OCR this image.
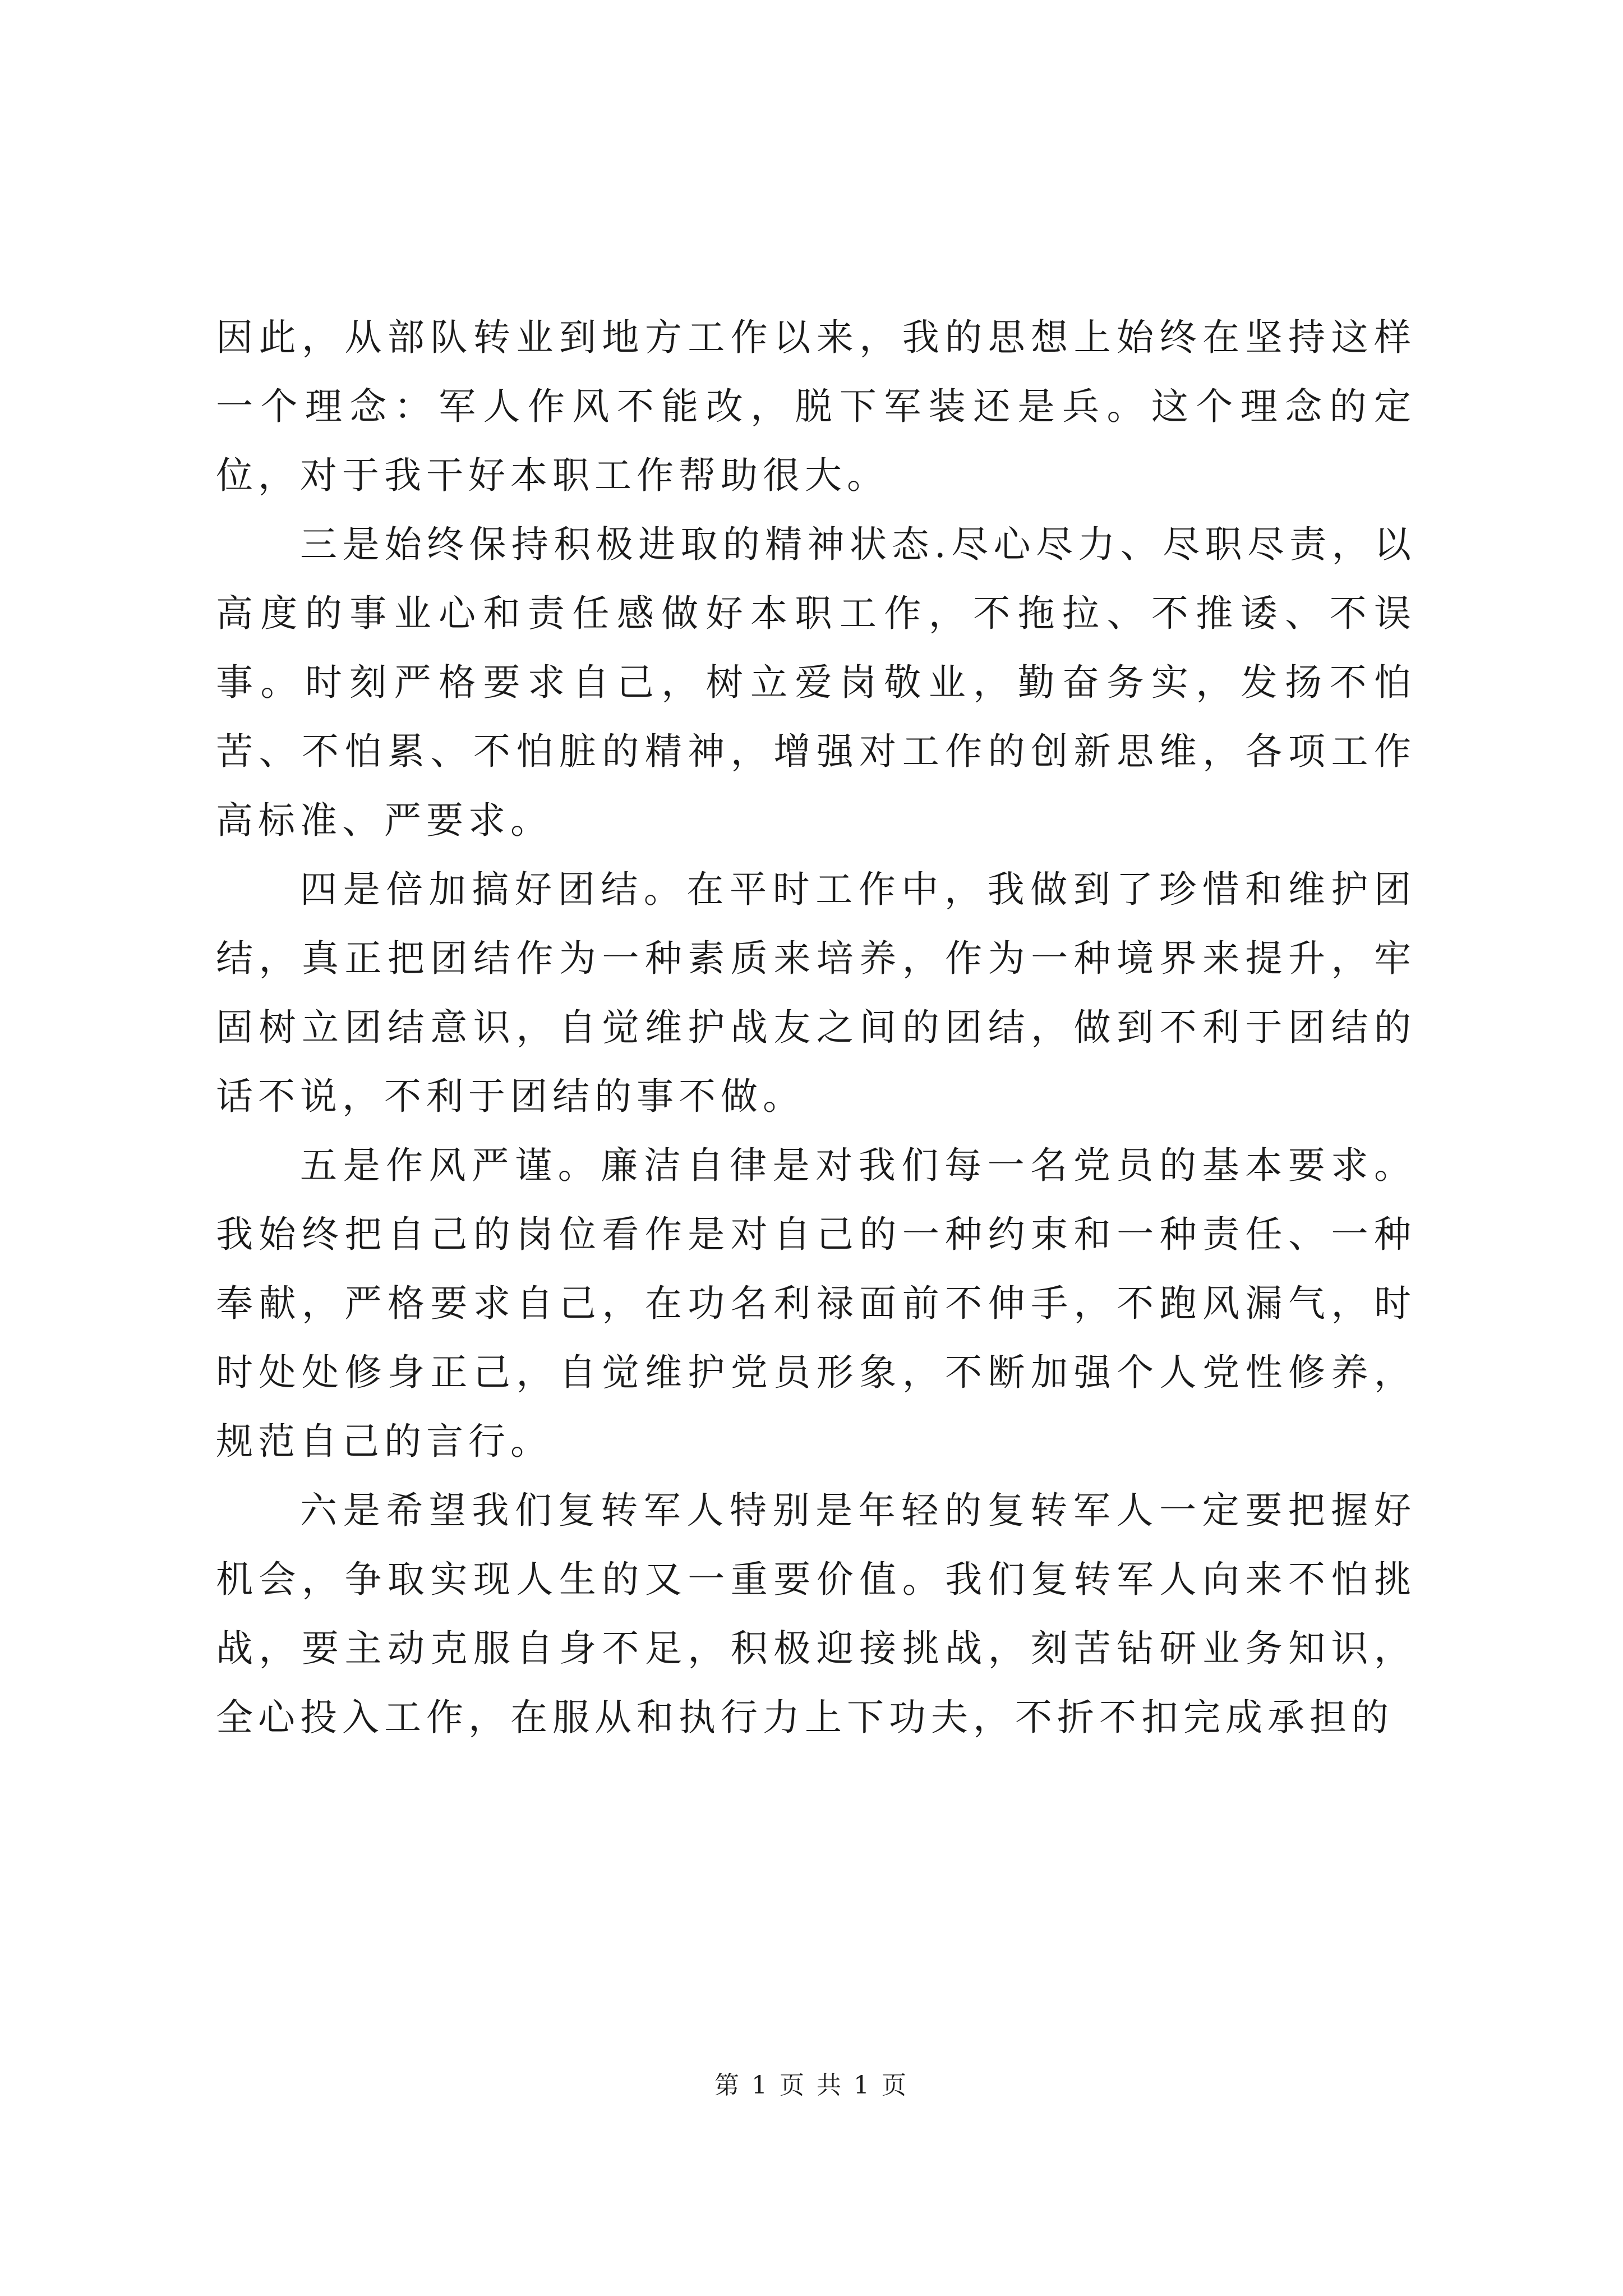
因此，从部队转业到地方工作以来，我的思想上始终在坚持这样一个理念：军人作风不能改，脱下军装还是兵。这个理念的定位，对于我干好本职工作帮助很大。

三是始终保持积极进取的精神状态.尽心尽力、尽职尽责，以高度的事业心和责任感做好本职工作，不拖拉、不推诿、不误事。时刻严格要求自己，树立爱岗敬业，勤奋务实，发扬不怕苦、不怕累、不怕脏的精神，增强对工作的创新思维，各项工作高标准、严要求。

四是倍加搞好团结。在平时工作中，我做到了珍惜和维护团结，真正把团结作为一种素质来培养，作为一种境界来提升，牢固树立团结意识，自觉维护战友之间的团结，做到不利于团结的话不说，不利于团结的事不做。

五是作风严谨。廉洁自律是对我们每一名党员的基本要求。我始终把自己的岗位看作是对自己的一种约束和一种责任、一种奉献，严格要求自己，在功名利禄面前不伸手，不跑风漏气，时时处处修身正己，自觉维护党员形象，不断加强个人党性修养，规范自己的言行。

六是希望我们复转军人特别是年轻的复转军人一定要把握好机会，争取实现人生的又一重要价值。我们复转军人向来不怕挑战，要主动克服自身不足，积极迎接挑战，刻苦钻研业务知识，全心投入工作，在服从和执行力上下功夫，不折不扣完成承担的

第 1 页 共 1 页
